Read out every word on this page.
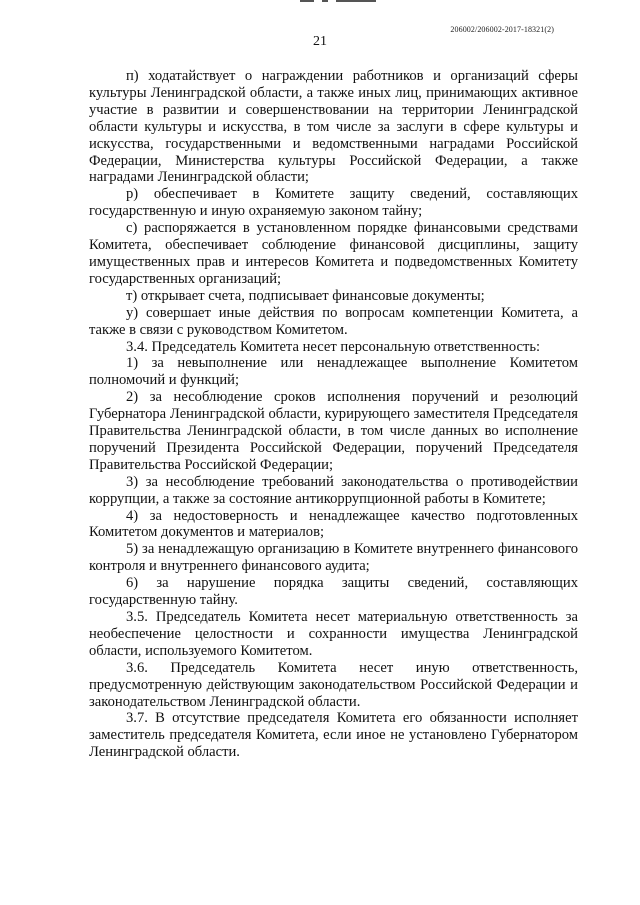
206002/206002-2017-18321(2)
21

п) ходатайствует о награждении работников и организаций сферы культуры Ленинградской области, а также иных лиц, принимающих активное участие в развитии и совершенствовании на территории Ленинградской области культуры и искусства, в том числе за заслуги в сфере культуры и искусства, государственными и ведомственными наградами Российской Федерации, Министерства культуры Российской Федерации, а также наградами Ленинградской области;

р) обеспечивает в Комитете защиту сведений, составляющих государственную и иную охраняемую законом тайну;

с) распоряжается в установленном порядке финансовыми средствами Комитета, обеспечивает соблюдение финансовой дисциплины, защиту имущественных прав и интересов Комитета и подведомственных Комитету государственных организаций;

т) открывает счета, подписывает финансовые документы;

у) совершает иные действия по вопросам компетенции Комитета, а также в связи с руководством Комитетом.

3.4. Председатель Комитета несет персональную ответственность:

1) за невыполнение или ненадлежащее выполнение Комитетом полномочий и функций;

2) за несоблюдение сроков исполнения поручений и резолюций Губернатора Ленинградской области, курирующего заместителя Председателя Правительства Ленинградской области, в том числе данных во исполнение поручений Президента Российской Федерации, поручений Председателя Правительства Российской Федерации;

3) за несоблюдение требований законодательства о противодействии коррупции, а также за состояние антикоррупционной работы в Комитете;

4) за недостоверность и ненадлежащее качество подготовленных Комитетом документов и материалов;

5) за ненадлежащую организацию в Комитете внутреннего финансового контроля и внутреннего финансового аудита;

6) за нарушение порядка защиты сведений, составляющих государственную тайну.

3.5. Председатель Комитета несет материальную ответственность за необеспечение целостности и сохранности имущества Ленинградской области, используемого Комитетом.

3.6. Председатель Комитета несет иную ответственность, предусмотренную действующим законодательством Российской Федерации и законодательством Ленинградской области.

3.7. В отсутствие председателя Комитета его обязанности исполняет заместитель председателя Комитета, если иное не установлено Губернатором Ленинградской области.
